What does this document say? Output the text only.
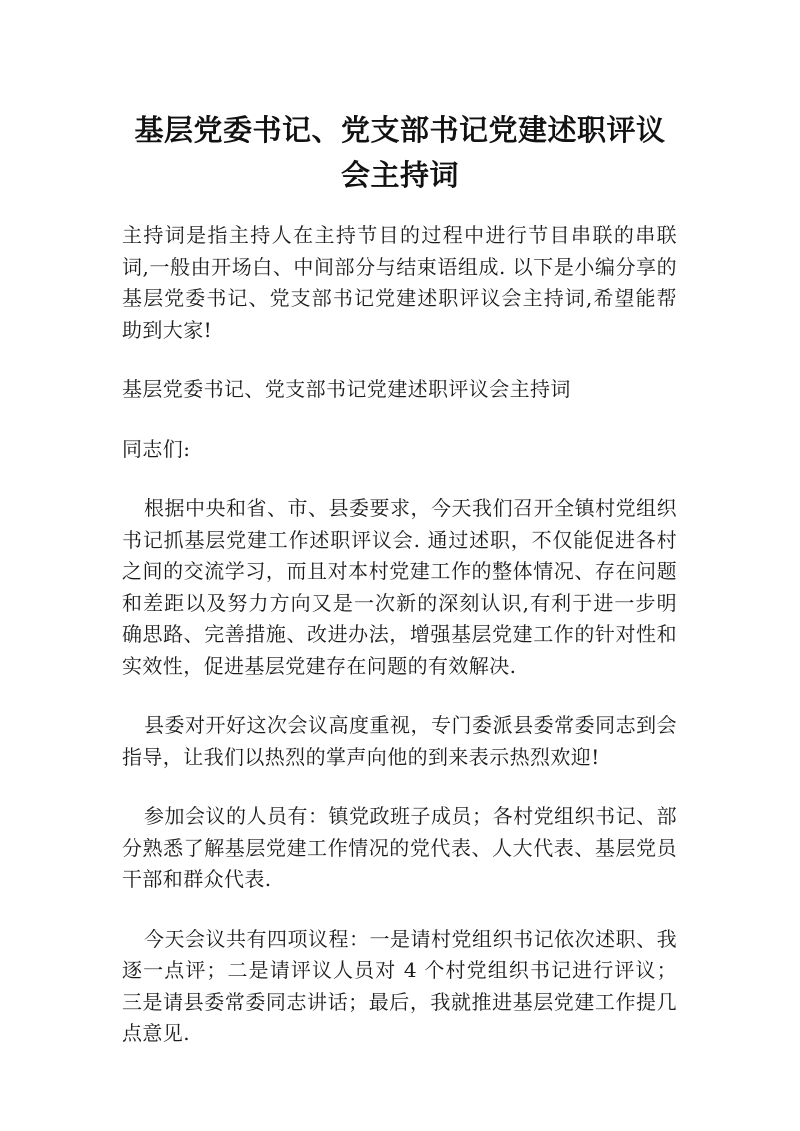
基层党委书记、党支部书记党建述职评议
会主持词

主持词是指主持人在主持节目的过程中进行节目串联的串联词,一般由开场白、中间部分与结束语组成. 以下是小编分享的基层党委书记、党支部书记党建述职评议会主持词,希望能帮助到大家!

基层党委书记、党支部书记党建述职评议会主持词

同志们:

根据中央和省、市、县委要求，今天我们召开全镇村党组织书记抓基层党建工作述职评议会. 通过述职，不仅能促进各村之间的交流学习，而且对本村党建工作的整体情况、存在问题和差距以及努力方向又是一次新的深刻认识,有利于进一步明确思路、完善措施、改进办法，增强基层党建工作的针对性和实效性，促进基层党建存在问题的有效解决.

县委对开好这次会议高度重视，专门委派县委常委同志到会指导，让我们以热烈的掌声向他的到来表示热烈欢迎!

参加会议的人员有：镇党政班子成员；各村党组织书记、部分熟悉了解基层党建工作情况的党代表、人大代表、基层党员干部和群众代表.

今天会议共有四项议程：一是请村党组织书记依次述职、我逐一点评；二是请评议人员对 4 个村党组织书记进行评议；三是请县委常委同志讲话；最后，我就推进基层党建工作提几点意见.
